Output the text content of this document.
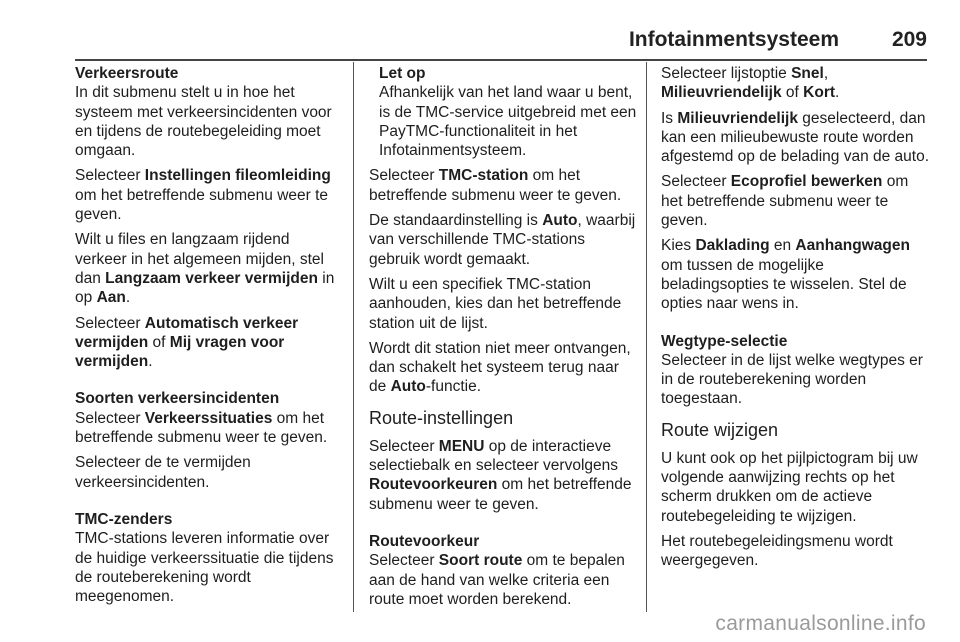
Infotainmentsysteem	209
Verkeersroute

In dit submenu stelt u in hoe het systeem met verkeersincidenten voor en tijdens de routebegeleiding moet omgaan.

Selecteer Instellingen fileomleiding om het betreffende submenu weer te geven.

Wilt u files en langzaam rijdend verkeer in het algemeen mijden, stel dan Langzaam verkeer vermijden in op Aan.

Selecteer Automatisch verkeer vermijden of Mij vragen voor vermijden.

Soorten verkeersincidenten

Selecteer Verkeerssituaties om het betreffende submenu weer te geven.

Selecteer de te vermijden verkeersincidenten.

TMC-zenders

TMC-stations leveren informatie over de huidige verkeerssituatie die tijdens de routeberekening wordt meegenomen.

Let op
Afhankelijk van het land waar u bent, is de TMC-service uitgebreid met een PayTMC-functionaliteit in het Infotainmentsysteem.

Selecteer TMC-station om het betreffende submenu weer te geven.

De standaardinstelling is Auto, waarbij van verschillende TMC-stations gebruik wordt gemaakt.

Wilt u een specifiek TMC-station aanhouden, kies dan het betreffende station uit de lijst.

Wordt dit station niet meer ontvangen, dan schakelt het systeem terug naar de Auto-functie.

Route-instellingen

Selecteer MENU op de interactieve selectiebalk en selecteer vervolgens Routevoorkeuren om het betreffende submenu weer te geven.

Routevoorkeur

Selecteer Soort route om te bepalen aan de hand van welke criteria een route moet worden berekend.

Selecteer lijstoptie Snel, Milieuvriendelijk of Kort.

Is Milieuvriendelijk geselecteerd, dan kan een milieubewuste route worden afgestemd op de belading van de auto.

Selecteer Ecoprofiel bewerken om het betreffende submenu weer te geven.

Kies Daklading en Aanhangwagen om tussen de mogelijke beladingsopties te wisselen. Stel de opties naar wens in.

Wegtype-selectie

Selecteer in de lijst welke wegtypes er in de routeberekening worden toegestaan.

Route wijzigen

U kunt ook op het pijlpictogram bij uw volgende aanwijzing rechts op het scherm drukken om de actieve routebegeleiding te wijzigen.

Het routebegeleidingsmenu wordt weergegeven.

carmanualsonline.info
